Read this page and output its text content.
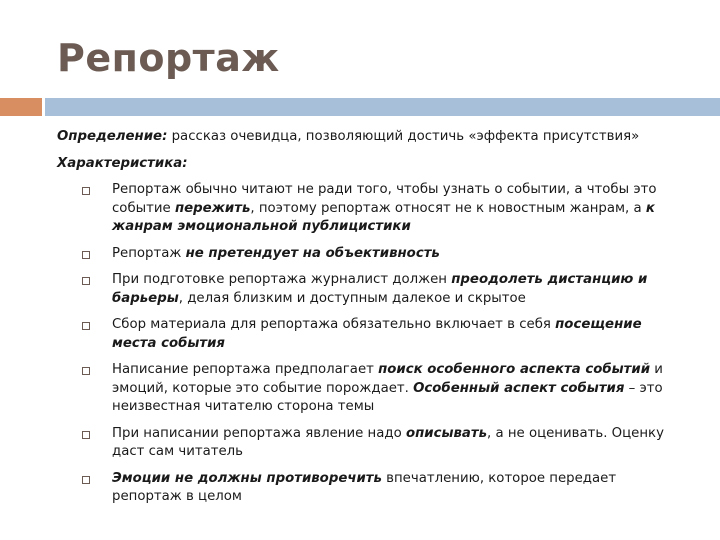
Репортаж

Определение: рассказ очевидца, позволяющий достичь «эффекта присутствия»

Характеристика:

Репортаж обычно читают не ради того, чтобы узнать о событии, а чтобы это событие пережить, поэтому репортаж относят не к новостным жанрам, а к жанрам эмоциональной публицистики
Репортаж не претендует на объективность
При подготовке репортажа журналист должен преодолеть дистанцию и барьеры, делая близким и доступным далекое и скрытое
Сбор материала для репортажа обязательно включает в себя посещение места события
Написание репортажа предполагает поиск особенного аспекта событий и эмоций, которые это событие порождает. Особенный аспект события – это неизвестная читателю сторона темы
При написании репортажа явление надо описывать, а не оценивать. Оценку даст сам читатель
Эмоции не должны противоречить впечатлению, которое передает репортаж в целом
